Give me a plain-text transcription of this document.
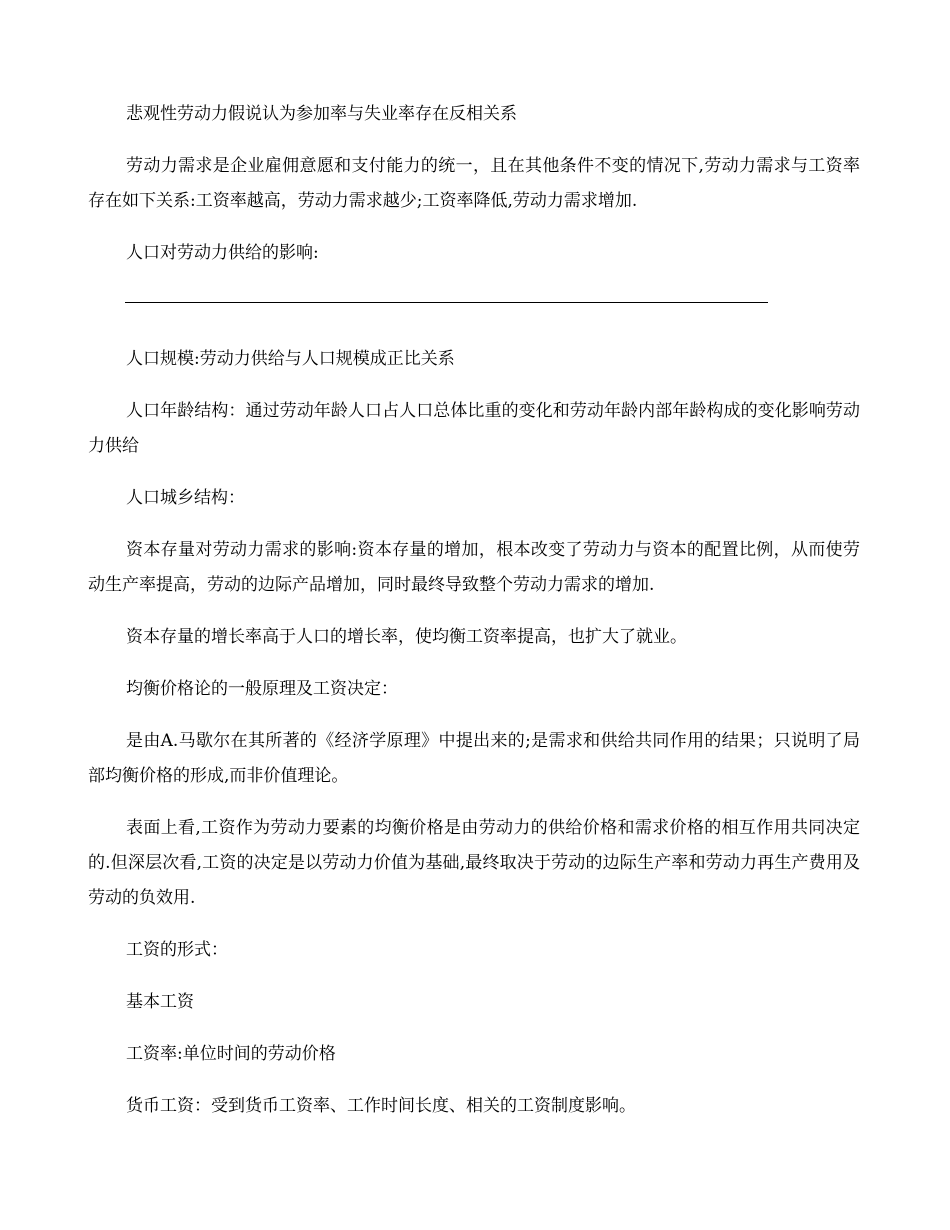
悲观性劳动力假说认为参加率与失业率存在反相关系

劳动力需求是企业雇佣意愿和支付能力的统一，且在其他条件不变的情况下,劳动力需求与工资率存在如下关系:工资率越高，劳动力需求越少;工资率降低,劳动力需求增加.

人口对劳动力供给的影响:

人口规模:劳动力供给与人口规模成正比关系

人口年龄结构：通过劳动年龄人口占人口总体比重的变化和劳动年龄内部年龄构成的变化影响劳动力供给

人口城乡结构：

资本存量对劳动力需求的影响:资本存量的增加，根本改变了劳动力与资本的配置比例，从而使劳动生产率提高，劳动的边际产品增加，同时最终导致整个劳动力需求的增加.

资本存量的增长率高于人口的增长率，使均衡工资率提高，也扩大了就业。

均衡价格论的一般原理及工资决定：

是由A.马歇尔在其所著的《经济学原理》中提出来的;是需求和供给共同作用的结果；只说明了局部均衡价格的形成,而非价值理论。

表面上看,工资作为劳动力要素的均衡价格是由劳动力的供给价格和需求价格的相互作用共同决定的.但深层次看,工资的决定是以劳动力价值为基础,最终取决于劳动的边际生产率和劳动力再生产费用及劳动的负效用.

工资的形式：

基本工资

工资率:单位时间的劳动价格

货币工资：受到货币工资率、工作时间长度、相关的工资制度影响。
